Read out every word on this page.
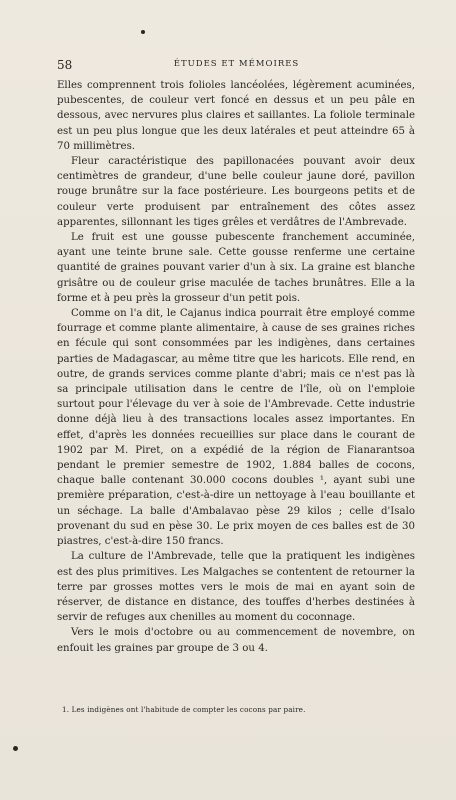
58	ÉTUDES ET MÉMOIRES

Elles comprennent trois folioles lancéolées, légèrement acuminées, pubescentes, de couleur vert foncé en dessus et un peu pâle en dessous, avec nervures plus claires et saillantes. La foliole terminale est un peu plus longue que les deux latérales et peut atteindre 65 à 70 millimètres.

Fleur caractéristique des papillonacées pouvant avoir deux centimètres de grandeur, d'une belle couleur jaune doré, pavillon rouge brunâtre sur la face postérieure. Les bourgeons petits et de couleur verte produisent par entraînement des côtes assez apparentes, sillonnant les tiges grêles et verdâtres de l'Ambrevade.

Le fruit est une gousse pubescente franchement accuminée, ayant une teinte brune sale. Cette gousse renferme une certaine quantité de graines pouvant varier d'un à six. La graine est blanche grisâtre ou de couleur grise maculée de taches brunâtres. Elle a la forme et à peu près la grosseur d'un petit pois.

Comme on l'a dit, le Cajanus indica pourrait être employé comme fourrage et comme plante alimentaire, à cause de ses graines riches en fécule qui sont consommées par les indigènes, dans certaines parties de Madagascar, au même titre que les haricots. Elle rend, en outre, de grands services comme plante d'abri; mais ce n'est pas là sa principale utilisation dans le centre de l'île, où on l'emploie surtout pour l'élevage du ver à soie de l'Ambrevade. Cette industrie donne déjà lieu à des transactions locales assez importantes. En effet, d'après les données recueillies sur place dans le courant de 1902 par M. Piret, on a expédié de la région de Fianarantsoa pendant le premier semestre de 1902, 1.884 balles de cocons, chaque balle contenant 30.000 cocons doubles ¹, ayant subi une première préparation, c'est-à-dire un nettoyage à l'eau bouillante et un séchage. La balle d'Ambalavao pèse 29 kilos ; celle d'Isalo provenant du sud en pèse 30. Le prix moyen de ces balles est de 30 piastres, c'est-à-dire 150 francs.

La culture de l'Ambrevade, telle que la pratiquent les indigènes est des plus primitives. Les Malgaches se contentent de retourner la terre par grosses mottes vers le mois de mai en ayant soin de réserver, de distance en distance, des touffes d'herbes destinées à servir de refuges aux chenilles au moment du coconnage.

Vers le mois d'octobre ou au commencement de novembre, on enfouit les graines par groupe de 3 ou 4.

1. Les indigènes ont l'habitude de compter les cocons par paire.
